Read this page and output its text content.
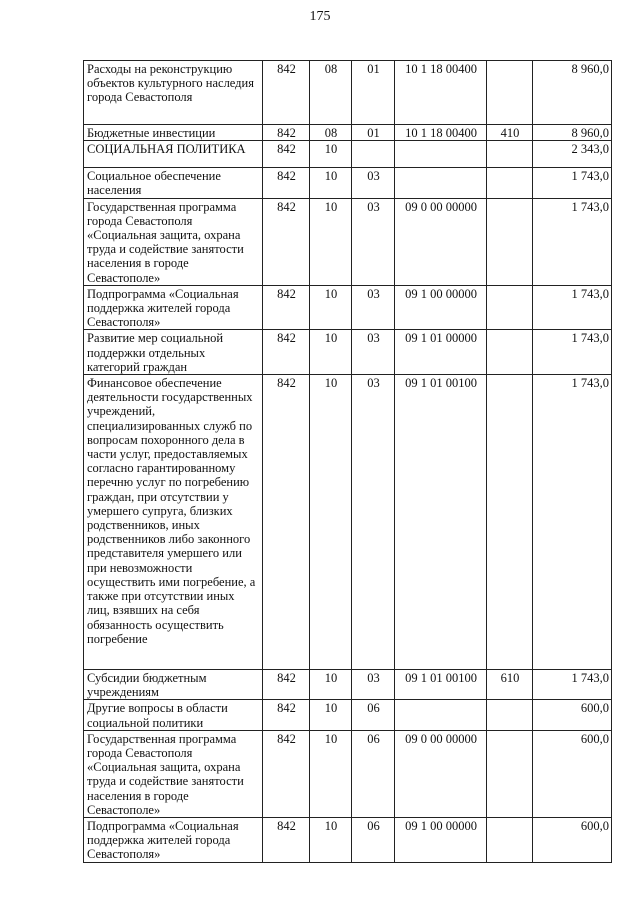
175
Расходы на реконструкцию объектов культурного наследия города Севастополя	842	08	01	10 1 18 00400		8 960,0
Бюджетные инвестиции	842	08	01	10 1 18 00400	410	8 960,0
СОЦИАЛЬНАЯ ПОЛИТИКА	842	10				2 343,0
Социальное обеспечение населения	842	10	03			1 743,0
Государственная программа города Севастополя «Социальная защита, охрана труда и содействие занятости населения в городе Севастополе»	842	10	03	09 0 00 00000		1 743,0
Подпрограмма «Социальная поддержка жителей города Севастополя»	842	10	03	09 1 00 00000		1 743,0
Развитие мер социальной поддержки отдельных категорий граждан	842	10	03	09 1 01 00000		1 743,0
Финансовое обеспечение деятельности государственных учреждений, специализированных служб по вопросам похоронного дела в части услуг, предоставляемых согласно гарантированному перечню услуг по погребению граждан, при отсутствии у умершего супруга, близких родственников, иных родственников либо законного представителя умершего или при невозможности осуществить ими погребение, а также при отсутствии иных лиц, взявших на себя обязанность осуществить погребение	842	10	03	09 1 01 00100		1 743,0
Субсидии бюджетным учреждениям	842	10	03	09 1 01 00100	610	1 743,0
Другие вопросы в области социальной политики	842	10	06			600,0
Государственная программа города Севастополя «Социальная защита, охрана труда и содействие занятости населения в городе Севастополе»	842	10	06	09 0 00 00000		600,0
Подпрограмма «Социальная поддержка жителей города Севастополя»	842	10	06	09 1 00 00000		600,0
